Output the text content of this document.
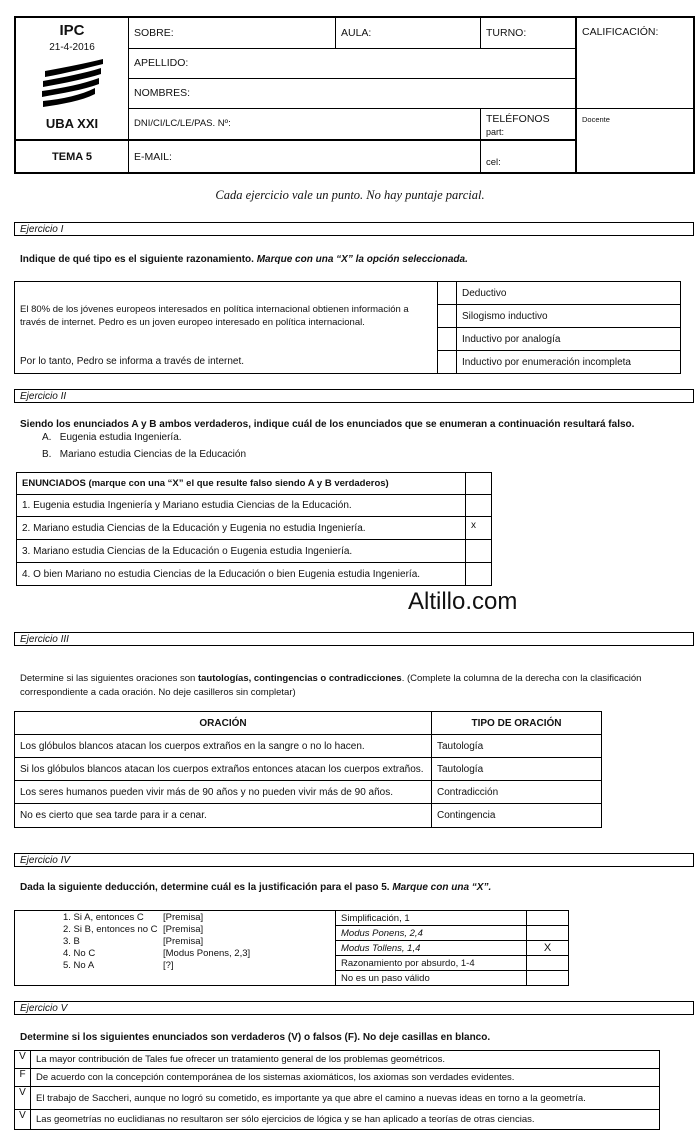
IPC
21-4-2016
UBA XXI	SOBRE:	AULA:	TURNO:	CALIFICACIÓN:
	APELLIDO:			
	NOMBRES:			
	DNI/CI/LC/LE/PAS. Nº:		TELÉFONOS
part:	Docente
TEMA 5	E-MAIL:		cel:	
Cada ejercicio vale un punto. No hay puntaje parcial.
Ejercicio I
Indique de qué tipo es el siguiente razonamiento. Marque con una “X” la opción seleccionada.
El 80% de los jóvenes europeos interesados en política internacional obtienen información a través de internet. Pedro es un joven europeo interesado en política internacional.		Deductivo
		Silogismo inductivo
		Inductivo por analogía
Por lo tanto, Pedro se informa a través de internet.		Inductivo por enumeración incompleta
Ejercicio II
Siendo los enunciados A y B ambos verdaderos, indique cuál de los enunciados que se enumeran a continuación resultará falso.
A. Eugenia estudia Ingeniería.
B. Mariano estudia Ciencias de la Educación
ENUNCIADOS (marque con una “X” el que resulte falso siendo A y B verdaderos)	
1. Eugenia estudia Ingeniería y Mariano estudia Ciencias de la Educación.	
2. Mariano estudia Ciencias de la Educación y Eugenia no estudia Ingeniería.	x
3. Mariano estudia Ciencias de la Educación o Eugenia estudia Ingeniería.	
4. O bien Mariano no estudia Ciencias de la Educación o bien Eugenia estudia Ingeniería.	
Altillo.com
Ejercicio III
Determine si las siguientes oraciones son tautologías, contingencias o contradicciones. (Complete la columna de la derecha con la clasificación correspondiente a cada oración. No deje casilleros sin completar)
ORACIÓN	TIPO DE ORACIÓN
Los glóbulos blancos atacan los cuerpos extraños en la sangre o no lo hacen.	Tautología
Si los glóbulos blancos atacan los cuerpos extraños entonces atacan los cuerpos extraños.	Tautología
Los seres humanos pueden vivir más de 90 años y no pueden vivir más de 90 años.	Contradicción
No es cierto que sea tarde para ir a cenar.	Contingencia
Ejercicio IV
Dada la siguiente deducción, determine cuál es la justificación para el paso 5. Marque con una “X”.
1. Si A, entonces C [Premisa]
2. Si B, entonces no C [Premisa]
3. B [Premisa]
4. No C [Modus Ponens, 2,3]
5. No A [?]	Simplificación, 1	
	Modus Ponens, 2,4	
	Modus Tollens, 1,4	X
	Razonamiento por absurdo, 1-4	
	No es un paso válido	
Ejercicio V
Determine si los siguientes enunciados son verdaderos (V) o falsos (F). No deje casillas en blanco.
V	La mayor contribución de Tales fue ofrecer un tratamiento general de los problemas geométricos.
F	De acuerdo con la concepción contemporánea de los sistemas axiomáticos, los axiomas son verdades evidentes.
V	El trabajo de Saccheri, aunque no logró su cometido, es importante ya que abre el camino a nuevas ideas en torno a la geometría.
V	Las geometrías no euclidianas no resultaron ser sólo ejercicios de lógica y se han aplicado a teorías de otras ciencias.
